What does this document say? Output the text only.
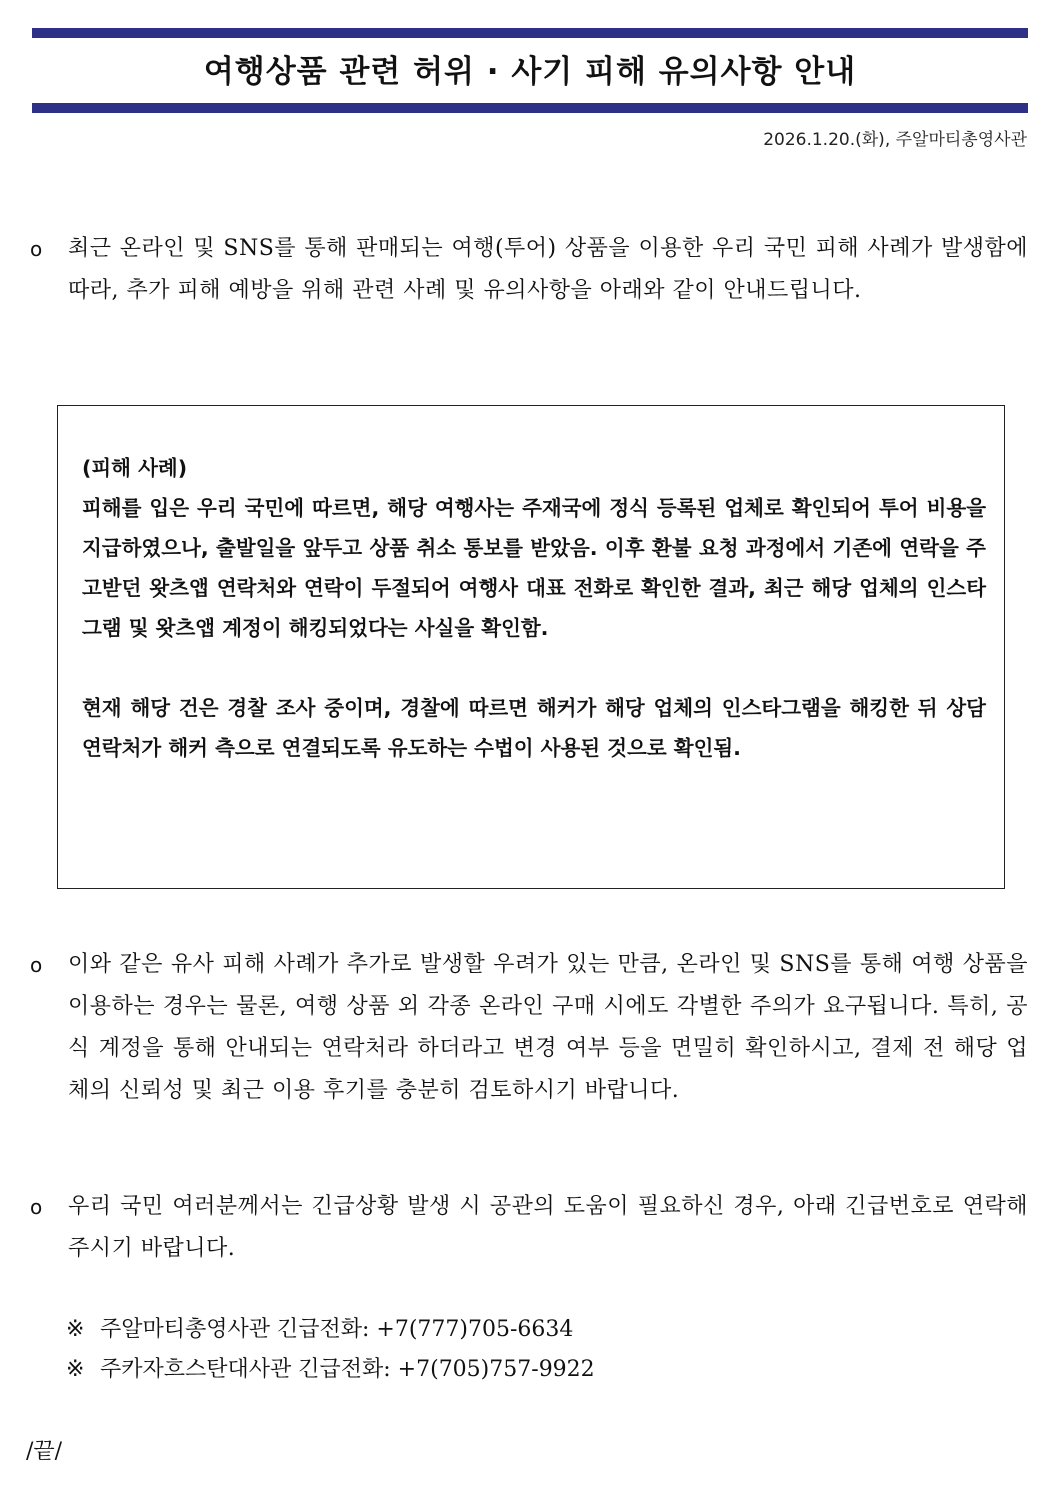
여행상품 관련 허위 · 사기 피해 유의사항 안내
2026.1.20.(화), 주알마티총영사관
o 최근 온라인 및 SNS를 통해 판매되는 여행(투어) 상품을 이용한 우리 국민 피해 사례가 발생함에 따라, 추가 피해 예방을 위해 관련 사례 및 유의사항을 아래와 같이 안내드립니다.

(피해 사례)

피해를 입은 우리 국민에 따르면, 해당 여행사는 주재국에 정식 등록된 업체로 확인되어 투어 비용을 지급하였으나, 출발일을 앞두고 상품 취소 통보를 받았음. 이후 환불 요청 과정에서 기존에 연락을 주고받던 왓츠앱 연락처와 연락이 두절되어 여행사 대표 전화로 확인한 결과, 최근 해당 업체의 인스타그램 및 왓츠앱 계정이 해킹되었다는 사실을 확인함.

현재 해당 건은 경찰 조사 중이며, 경찰에 따르면 해커가 해당 업체의 인스타그램을 해킹한 뒤 상담 연락처가 해커 측으로 연결되도록 유도하는 수법이 사용된 것으로 확인됨.

o 이와 같은 유사 피해 사례가 추가로 발생할 우려가 있는 만큼, 온라인 및 SNS를 통해 여행 상품을 이용하는 경우는 물론, 여행 상품 외 각종 온라인 구매 시에도 각별한 주의가 요구됩니다. 특히, 공식 계정을 통해 안내되는 연락처라 하더라고 변경 여부 등을 면밀히 확인하시고, 결제 전 해당 업체의 신뢰성 및 최근 이용 후기를 충분히 검토하시기 바랍니다.
o 우리 국민 여러분께서는 긴급상황 발생 시 공관의 도움이 필요하신 경우, 아래 긴급번호로 연락해 주시기 바랍니다.
※ 주알마티총영사관 긴급전화: +7(777)705-6634
※ 주카자흐스탄대사관 긴급전화: +7(705)757-9922
/끝/
